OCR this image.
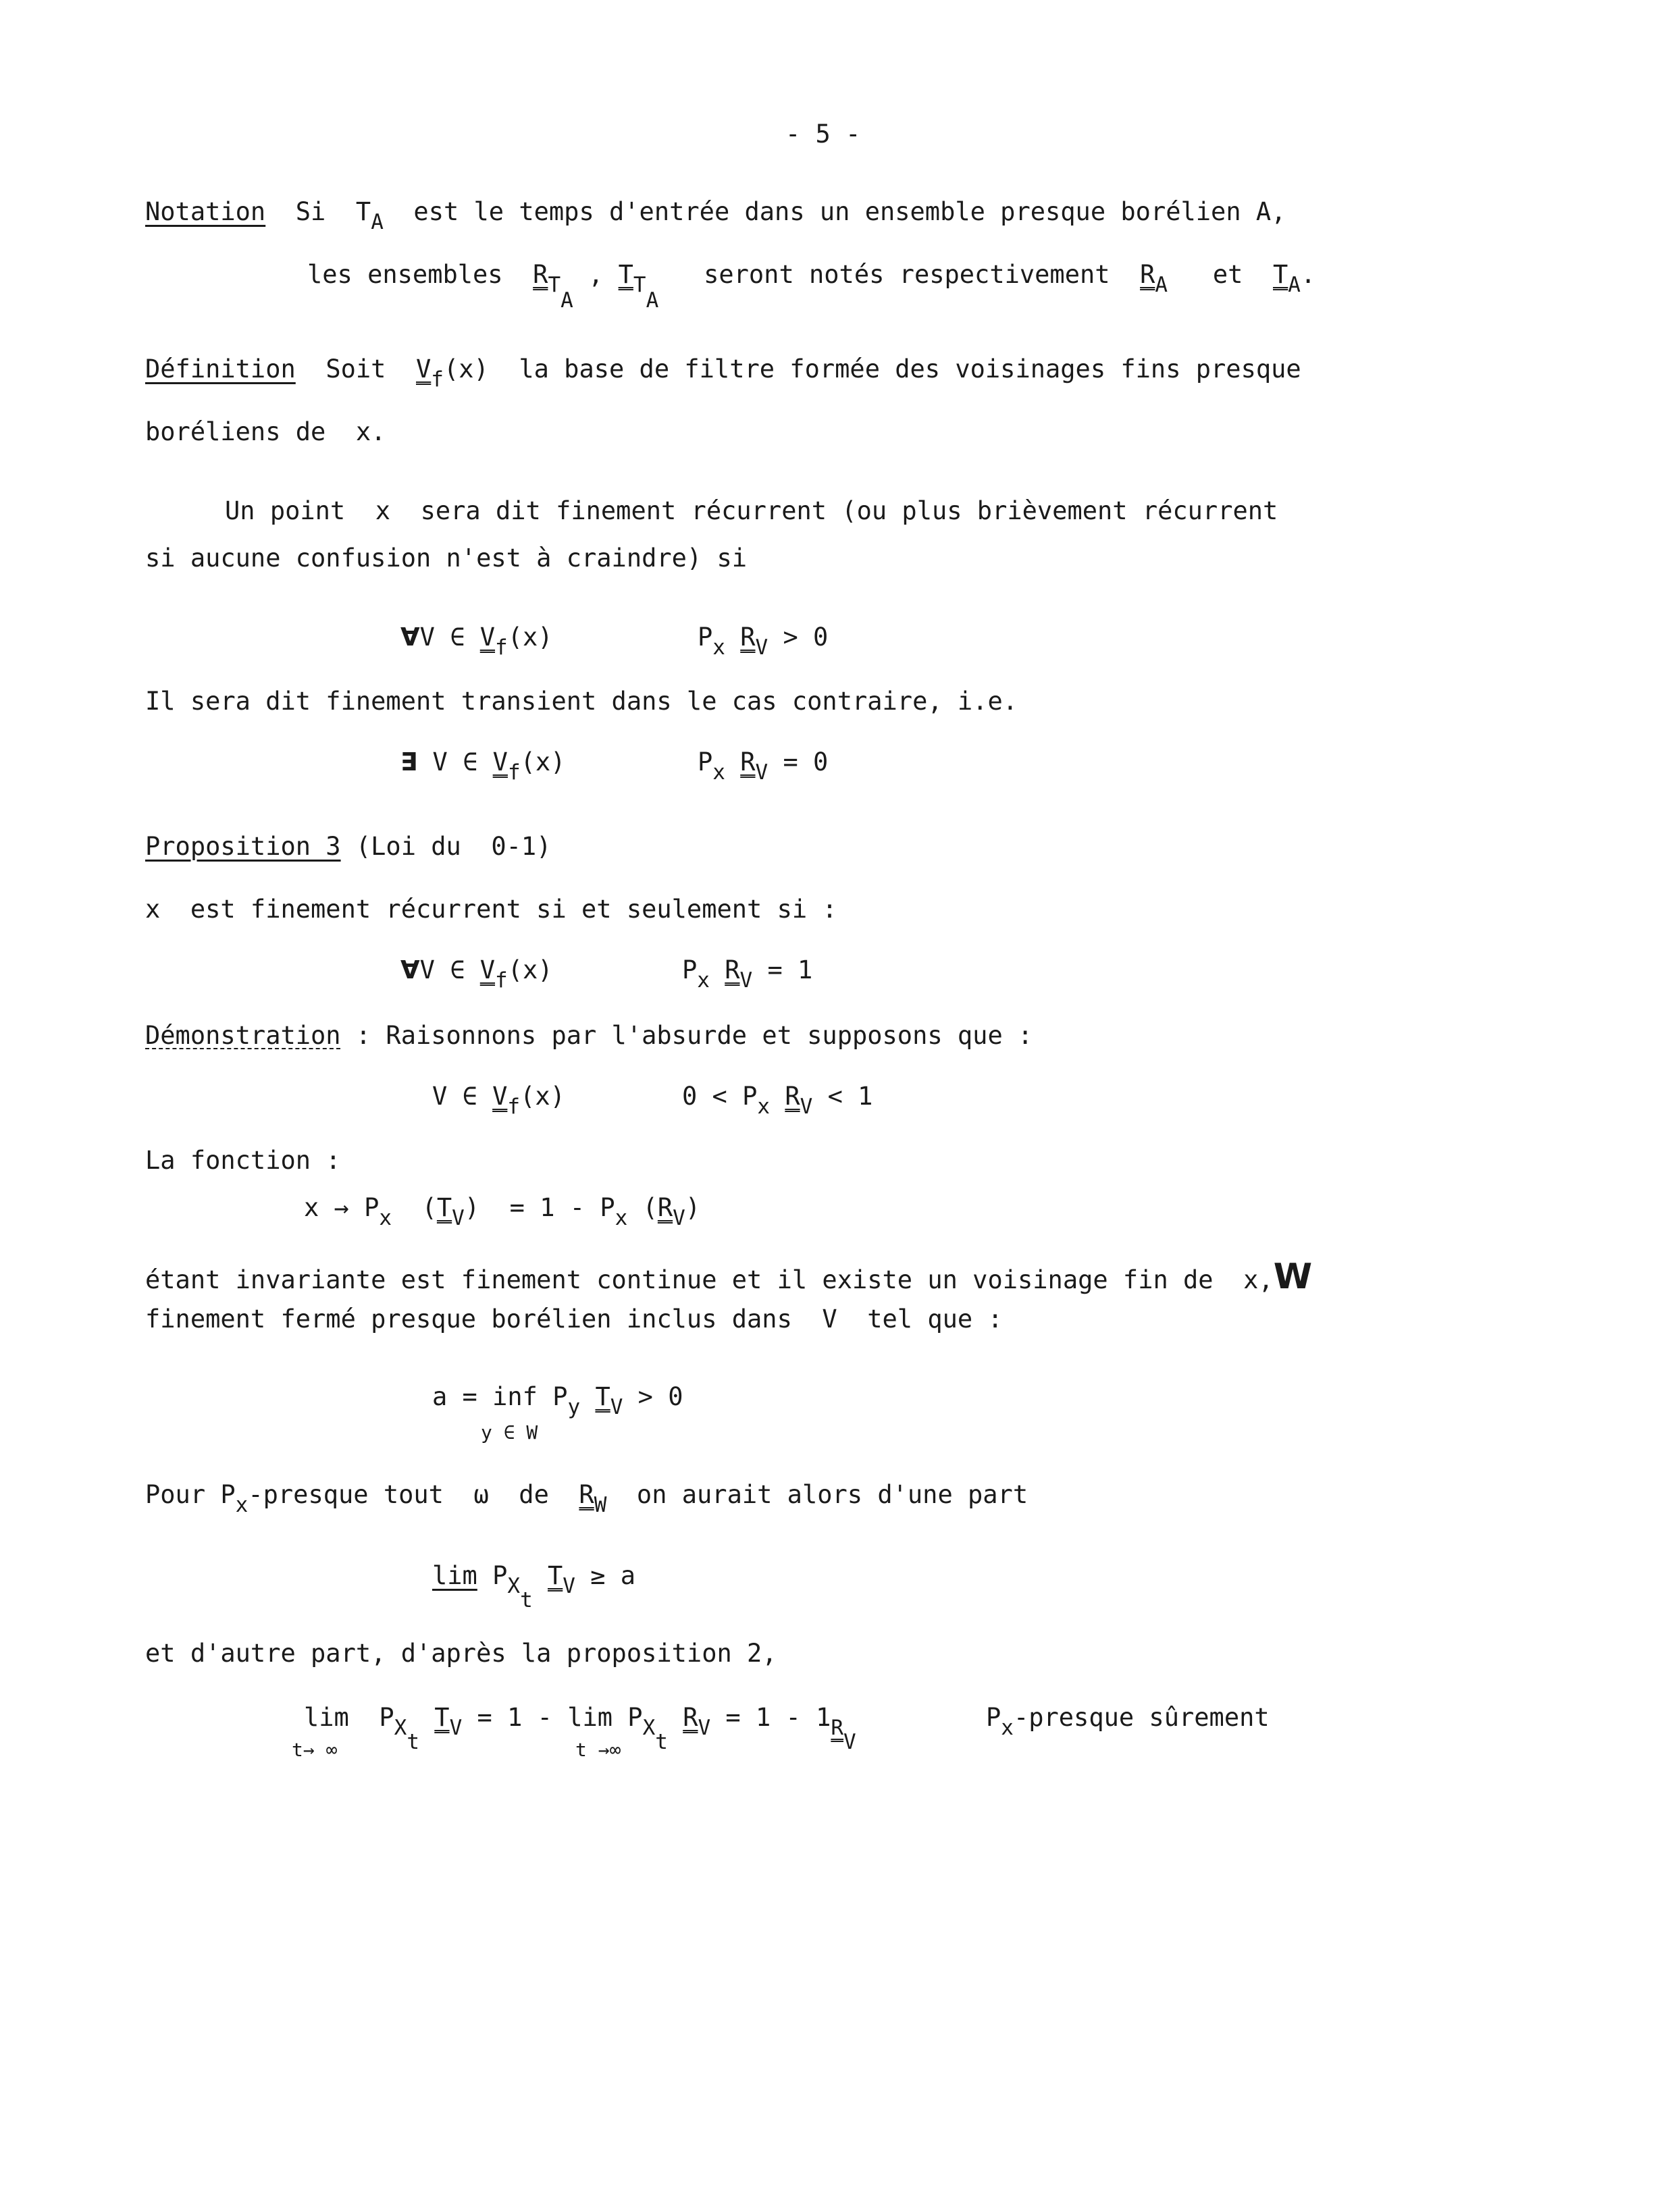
- 5 -
Notation Si $T_A$ est le temps d'entrée dans un ensemble presque borélien A,
les ensembles $R_{TA}$ , $T_{TA}$   seront notés respectivement $R_A$ et $T_A$.
Définition Soit $V_f(x)$ la base de filtre formée des voisinages fins presque
boréliens de  x.
Un point  x  sera dit finement récurrent (ou plus brièvement récurrent
si aucune confusion n'est à craindre) si
∀V ∈ $V_f(x)$	$P_x$ $R_V > 0$
Il sera dit finement transient dans le cas contraire, i.e.
∃ V ∈ $V_f(x)$	$P_x$ $R_V = 0$
Proposition 3 (Loi du  0-1)
x  est finement récurrent si et seulement si :
∀V ∈ $V_f(x)$	$P_x$ $R_V = 1$
Démonstration : Raisonnons par l'absurde et supposons que :
V ∈ $V_f(x)$	$0 < P_x$ $R_V < 1$
La fonction :
$x \to P_x$  $(T_V) = 1 - P_x$ $(R_V)$
étant invariante est finement continue et il existe un voisinage fin de  x,W
finement fermé presque borélien inclus dans  V  tel que :
a = inf $P_y$ $T_V > 0$
y ∈ W
Pour $P_x$-presque tout  ω  de  $R_W$  on aurait alors d'une part
$\lim P_{Xt}$ $T_V \ge a$
et d'autre part, d'après la proposition 2,
$\lim P_{Xt}$ $T_V = 1 - \lim P_{Xt}$ $R_V = 1 - 1_{RV}$
t→ ∞	t →∞
$P_x$-presque sûrement
